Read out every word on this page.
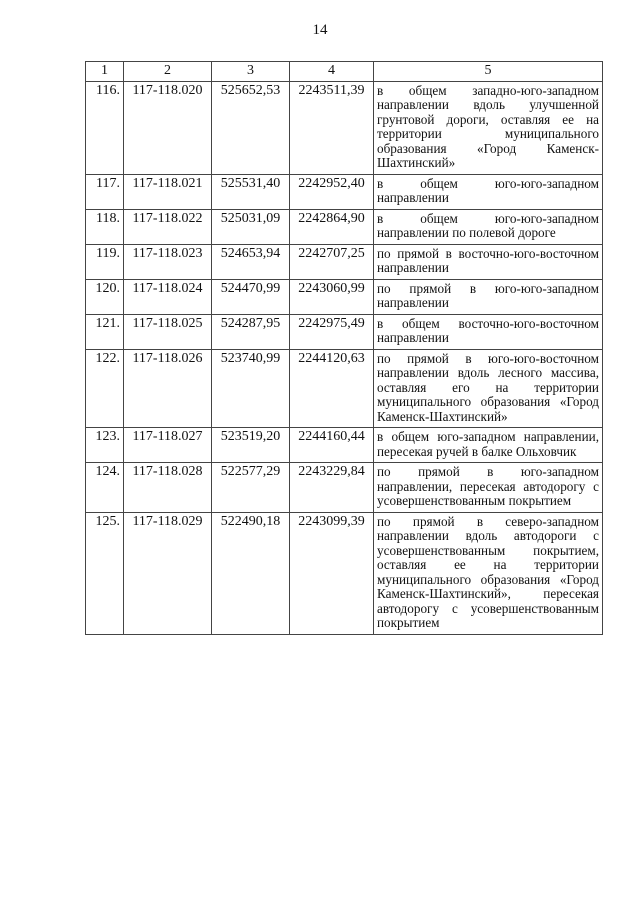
14
1	2	3	4	5
116.	117-118.020	525652,53	2243511,39	в общем западно-юго-западном направлении вдоль улучшенной грунтовой дороги, оставляя ее на территории муниципального образования «Город Каменск-Шахтинский»
117.	117-118.021	525531,40	2242952,40	в общем юго-юго-западном направлении
118.	117-118.022	525031,09	2242864,90	в общем юго-юго-западном направлении по полевой дороге
119.	117-118.023	524653,94	2242707,25	по прямой в восточно-юго-восточном направлении
120.	117-118.024	524470,99	2243060,99	по прямой в юго-юго-западном направлении
121.	117-118.025	524287,95	2242975,49	в общем восточно-юго-восточном направлении
122.	117-118.026	523740,99	2244120,63	по прямой в юго-юго-восточном направлении вдоль лесного массива, оставляя его на территории муниципального образования «Город Каменск-Шахтинский»
123.	117-118.027	523519,20	2244160,44	в общем юго-западном направлении, пересекая ручей в балке Ольховчик
124.	117-118.028	522577,29	2243229,84	по прямой в юго-западном направлении, пересекая автодорогу с усовершенствованным покрытием
125.	117-118.029	522490,18	2243099,39	по прямой в северо-западном направлении вдоль автодороги с усовершенствованным покрытием, оставляя ее на территории муниципального образования «Город Каменск-Шахтинский», пересекая автодорогу с усовершенствованным покрытием
